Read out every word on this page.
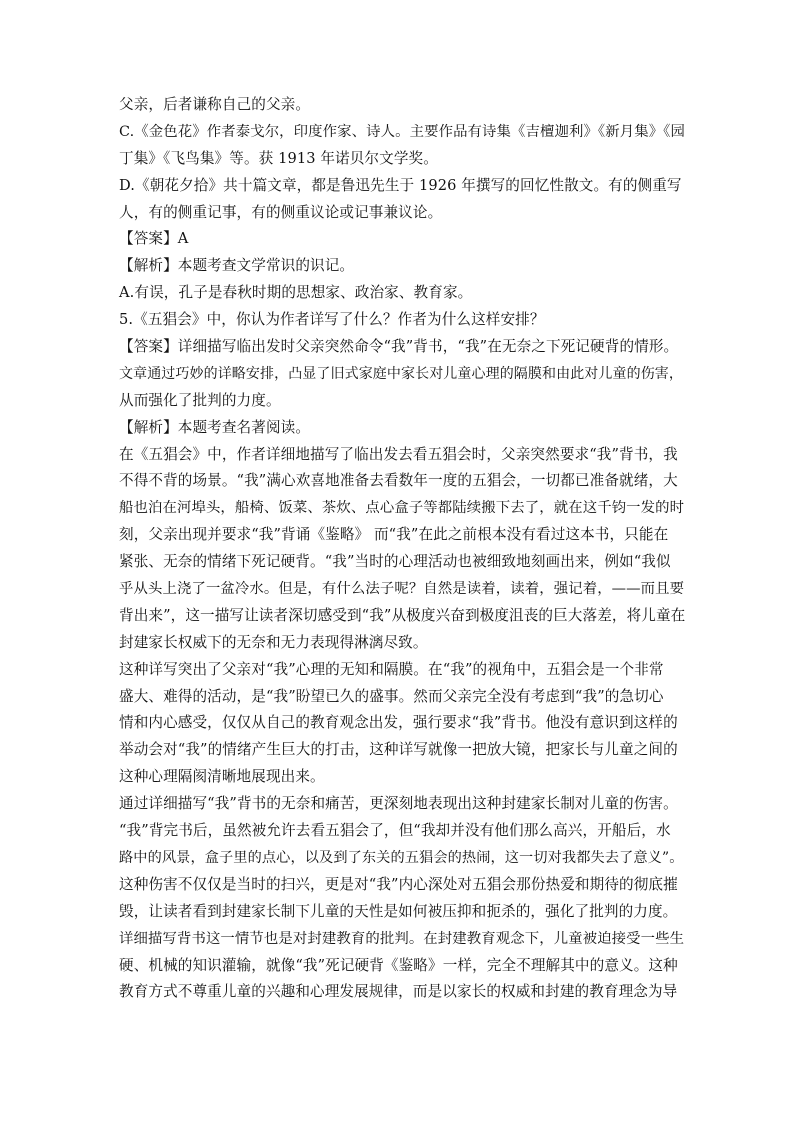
父亲，后者谦称自己的父亲。
C.《金色花》作者泰戈尔，印度作家、诗人。主要作品有诗集《吉檀迦利》《新月集》《园
丁集》《飞鸟集》等。获 1913 年诺贝尔文学奖。
D.《朝花夕拾》共十篇文章，都是鲁迅先生于 1926 年撰写的回忆性散文。有的侧重写
人，有的侧重记事，有的侧重议论或记事兼议论。
【答案】A
【解析】本题考查文学常识的识记。
A.有误，孔子是春秋时期的思想家、政治家、教育家。
5.《五猖会》中，你认为作者详写了什么？作者为什么这样安排？
【答案】详细描写临出发时父亲突然命令“我”背书，“我”在无奈之下死记硬背的情形。
文章通过巧妙的详略安排，凸显了旧式家庭中家长对儿童心理的隔膜和由此对儿童的伤害，
从而强化了批判的力度。
【解析】本题考查名著阅读。
在《五猖会》中，作者详细地描写了临出发去看五猖会时，父亲突然要求“我”背书，我
不得不背的场景。“我”满心欢喜地准备去看数年一度的五猖会，一切都已准备就绪，大
船也泊在河埠头，船椅、饭菜、茶炊、点心盒子等都陆续搬下去了，就在这千钧一发的时
刻，父亲出现并要求“我”背诵《鉴略》 而“我”在此之前根本没有看过这本书，只能在
紧张、无奈的情绪下死记硬背。“我”当时的心理活动也被细致地刻画出来，例如“我似
乎从头上浇了一盆冷水。但是，有什么法子呢？自然是读着，读着，强记着，——而且要
背出来”，这一描写让读者深切感受到“我”从极度兴奋到极度沮丧的巨大落差，将儿童在
封建家长权威下的无奈和无力表现得淋漓尽致。
这种详写突出了父亲对“我”心理的无知和隔膜。在“我”的视角中，五猖会是一个非常
盛大、难得的活动，是“我”盼望已久的盛事。然而父亲完全没有考虑到“我”的急切心
情和内心感受，仅仅从自己的教育观念出发，强行要求“我”背书。他没有意识到这样的
举动会对“我”的情绪产生巨大的打击，这种详写就像一把放大镜，把家长与儿童之间的
这种心理隔阂清晰地展现出来。
通过详细描写“我”背书的无奈和痛苦，更深刻地表现出这种封建家长制对儿童的伤害。
“我”背完书后，虽然被允许去看五猖会了，但“我却并没有他们那么高兴，开船后，水
路中的风景，盒子里的点心，以及到了东关的五猖会的热闹，这一切对我都失去了意义”。
这种伤害不仅仅是当时的扫兴，更是对“我”内心深处对五猖会那份热爱和期待的彻底摧
毁，让读者看到封建家长制下儿童的天性是如何被压抑和扼杀的，强化了批判的力度。
详细描写背书这一情节也是对封建教育的批判。在封建教育观念下，儿童被迫接受一些生
硬、机械的知识灌输，就像“我”死记硬背《鉴略》一样，完全不理解其中的意义。这种
教育方式不尊重儿童的兴趣和心理发展规律，而是以家长的权威和封建的教育理念为导
